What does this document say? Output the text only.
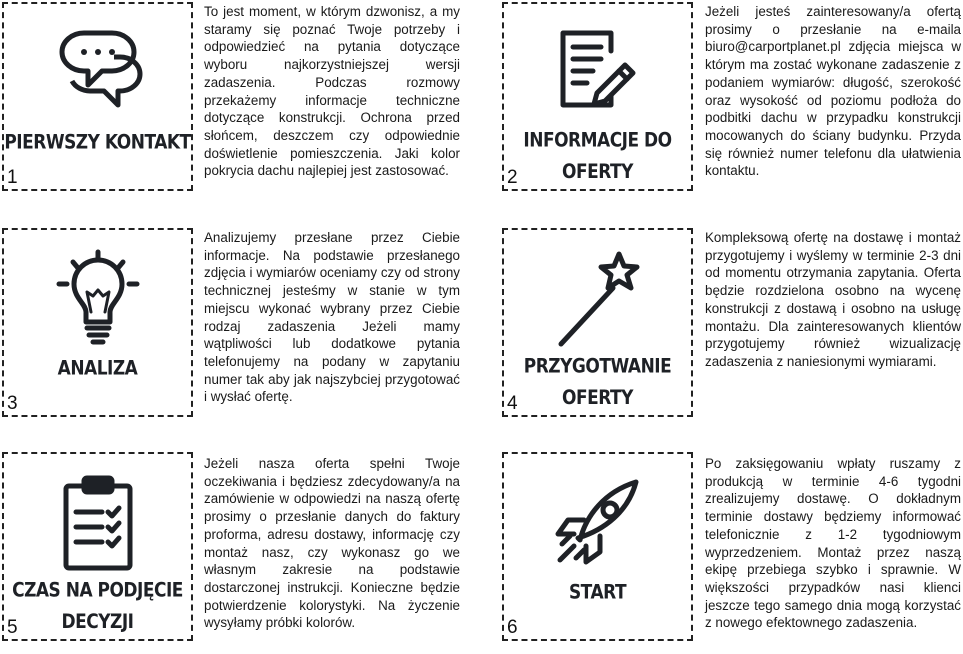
PIERWSZY KONTAKT
1
To jest moment, w którym dzwonisz, a my staramy się poznać Twoje potrzeby i odpowiedzieć na pytania dotyczące wyboru najkorzystniejszej wersji zadaszenia. Podczas rozmowy przekażemy informacje techniczne dotyczące konstrukcji. Ochrona przed słońcem, deszczem czy odpowiednie doświetlenie pomieszczenia. Jaki kolor pokrycia dachu najlepiej jest zastosować.
INFORMACJE DO OFERTY
2
Jeżeli jesteś zainteresowany/a ofertą prosimy o przesłanie na e-maila biuro@carportplanet.pl zdjęcia miejsca w którym ma zostać wykonane zadaszenie z podaniem wymiarów: długość, szerokość oraz wysokość od poziomu podłoża do podbitki dachu w przypadku konstrukcji mocowanych do ściany budynku. Przyda się również numer telefonu dla ułatwienia kontaktu.
ANALIZA
3
Analizujemy przesłane przez Ciebie informacje. Na podstawie przesłanego zdjęcia i wymiarów oceniamy czy od strony technicznej jesteśmy w stanie w tym miejscu wykonać wybrany przez Ciebie rodzaj zadaszenia Jeżeli mamy wątpliwości lub dodatkowe pytania telefonujemy na podany w zapytaniu numer tak aby jak najszybciej przygotować i wysłać ofertę.
PRZYGOTWANIE OFERTY
4
Kompleksową ofertę na dostawę i montaż przygotujemy i wyślemy w terminie 2-3 dni od momentu otrzymania zapytania. Oferta będzie rozdzielona osobno na wycenę konstrukcji z dostawą i osobno na usługę montażu. Dla zainteresowanych klientów przygotujemy również wizualizację zadaszenia z naniesionymi wymiarami.
CZAS NA PODJĘCIE DECYZJI
5
Jeżeli nasza oferta spełni Twoje oczekiwania i będziesz zdecydowany/a na zamówienie w odpowiedzi na naszą ofertę prosimy o przesłanie danych do faktury proforma, adresu dostawy, informację czy montaż nasz, czy wykonasz go we własnym zakresie na podstawie dostarczonej instrukcji. Konieczne będzie potwierdzenie kolorystyki. Na życzenie wysyłamy próbki kolorów.
START
6
Po zaksięgowaniu wpłaty ruszamy z produkcją w terminie 4-6 tygodni zrealizujemy dostawę. O dokładnym terminie dostawy będziemy informować telefonicznie z 1-2 tygodniowym wyprzedzeniem. Montaż przez naszą ekipę przebiega szybko i sprawnie. W większości przypadków nasi klienci jeszcze tego samego dnia mogą korzystać z nowego efektownego zadaszenia.
